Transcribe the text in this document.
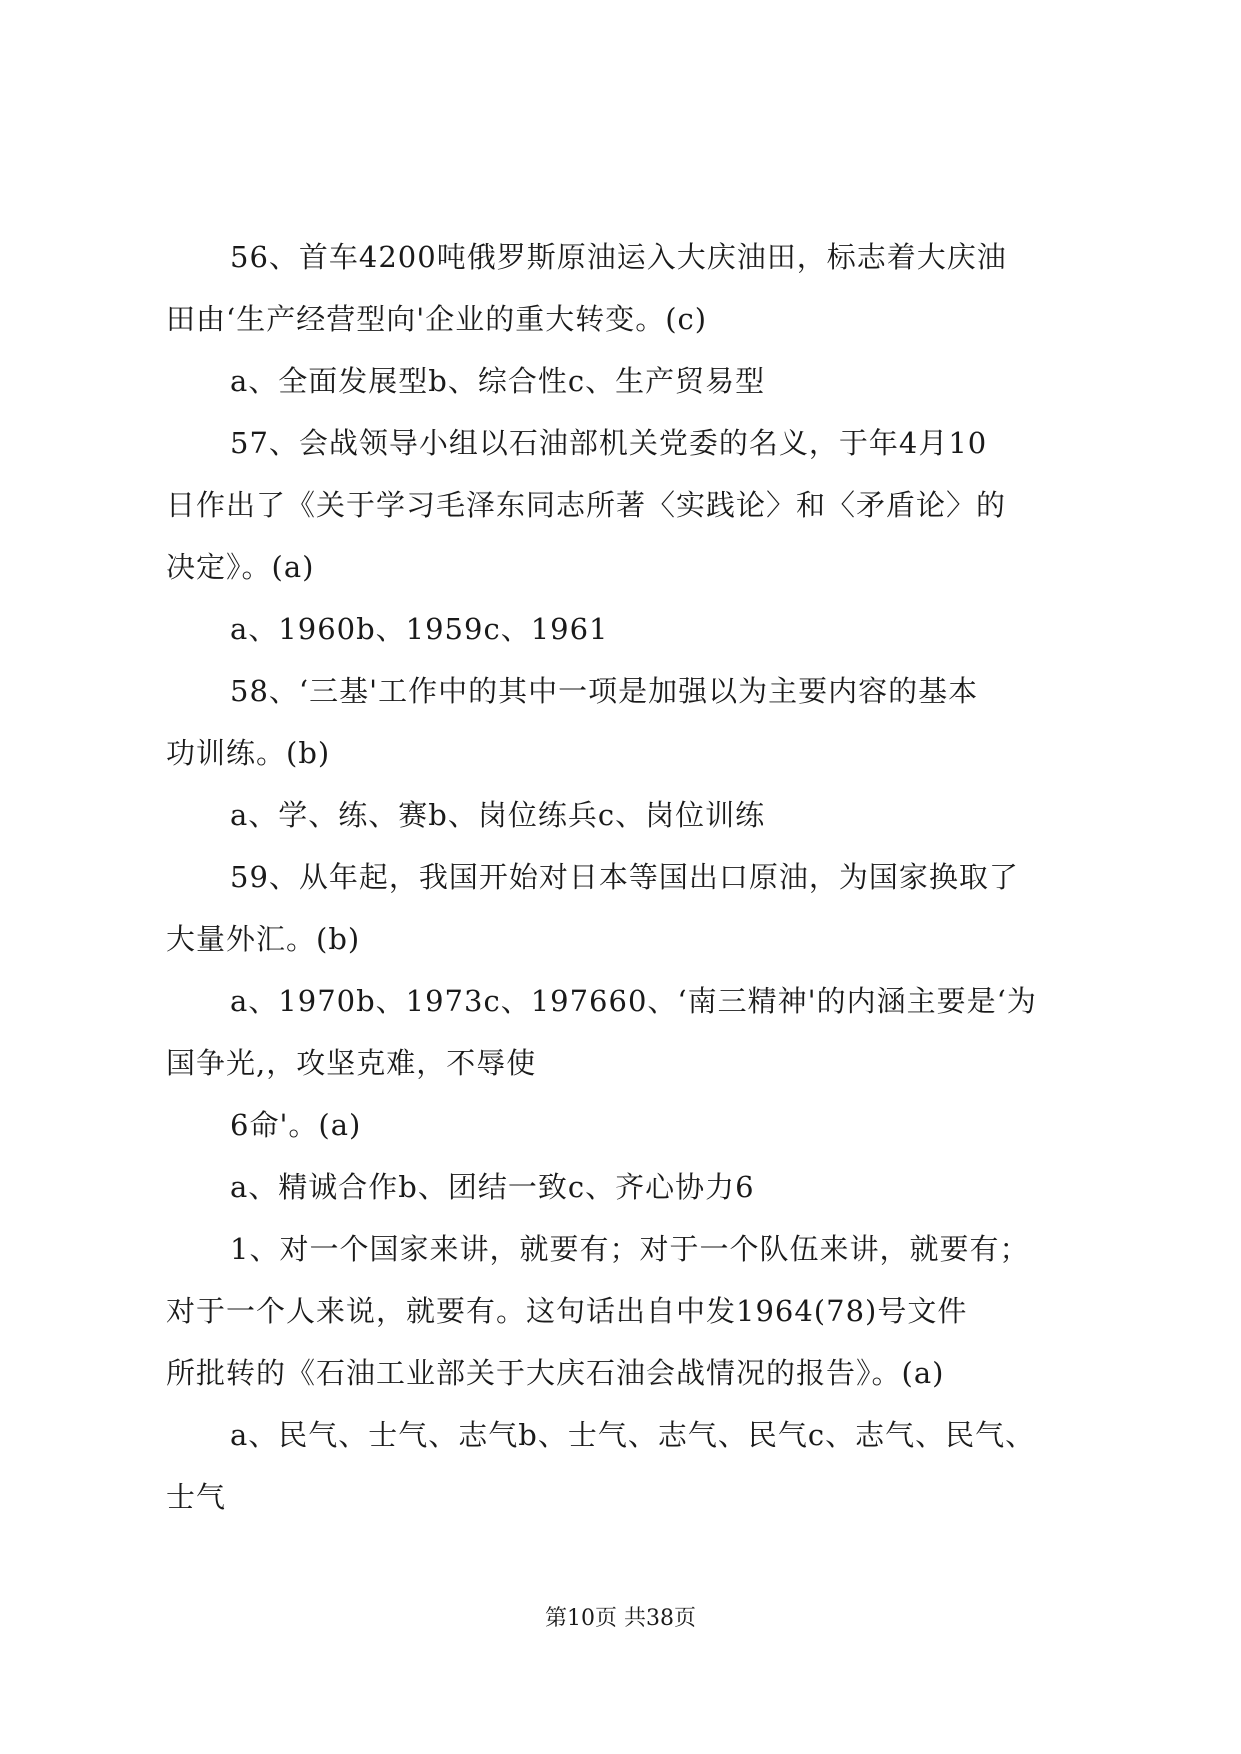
56、首车4200吨俄罗斯原油运入大庆油田，标志着大庆油
田由‘生产经营型向'企业的重大转变。(c)
a、全面发展型b、综合性c、生产贸易型
57、会战领导小组以石油部机关党委的名义，于年4月10
日作出了《关于学习毛泽东同志所著〈实践论〉和〈矛盾论〉的
决定》。(a)
a、1960b、1959c、1961
58、‘三基'工作中的其中一项是加强以为主要内容的基本
功训练。(b)
a、学、练、赛b、岗位练兵c、岗位训练
59、从年起，我国开始对日本等国出口原油，为国家换取了
大量外汇。(b)
a、1970b、1973c、197660、‘南三精神'的内涵主要是‘为
国争光,，攻坚克难，不辱使
6命'。(a)
a、精诚合作b、团结一致c、齐心协力6
1、对一个国家来讲，就要有；对于一个队伍来讲，就要有；
对于一个人来说，就要有。这句话出自中发1964(78)号文件
所批转的《石油工业部关于大庆石油会战情况的报告》。(a)
a、民气、士气、志气b、士气、志气、民气c、志气、民气、
士气
第10页 共38页
